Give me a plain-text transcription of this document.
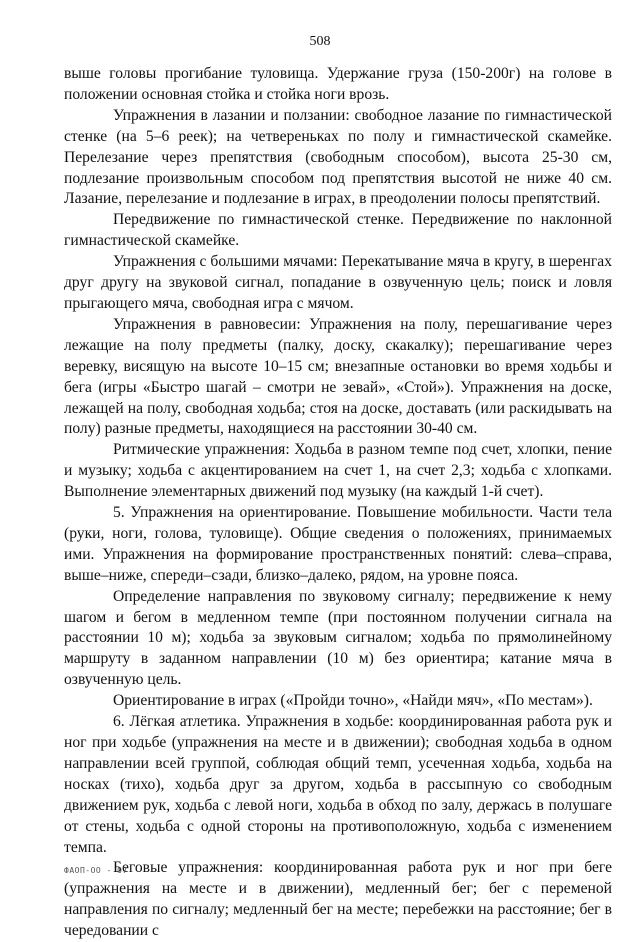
508

выше головы прогибание туловища. Удержание груза (150-200г) на голове в положении основная стойка и стойка ноги врозь.

Упражнения в лазании и ползании: свободное лазание по гимнастической стенке (на 5–6 реек); на четвереньках по полу и гимнастической скамейке. Перелезание через препятствия (свободным способом), высота 25-30 см, подлезание произвольным способом под препятствия высотой не ниже 40 см. Лазание, перелезание и подлезание в играх, в преодолении полосы препятствий.

Передвижение по гимнастической стенке. Передвижение по наклонной гимнастической скамейке.

Упражнения с большими мячами: Перекатывание мяча в кругу, в шеренгах друг другу на звуковой сигнал, попадание в озвученную цель; поиск и ловля прыгающего мяча, свободная игра с мячом.

Упражнения в равновесии: Упражнения на полу, перешагивание через лежащие на полу предметы (палку, доску, скакалку); перешагивание через веревку, висящую на высоте 10–15 см; внезапные остановки во время ходьбы и бега (игры «Быстро шагай – смотри не зевай», «Стой»). Упражнения на доске, лежащей на полу, свободная ходьба; стоя на доске, доставать (или раскидывать на полу) разные предметы, находящиеся на расстоянии 30-40 см.

Ритмические упражнения: Ходьба в разном темпе под счет, хлопки, пение и музыку; ходьба с акцентированием на счет 1, на счет 2,3; ходьба с хлопками. Выполнение элементарных движений под музыку (на каждый 1-й счет).

5. Упражнения на ориентирование. Повышение мобильности. Части тела (руки, ноги, голова, туловище). Общие сведения о положениях, принимаемых ими. Упражнения на формирование пространственных понятий: слева–справа, выше–ниже, спереди–сзади, близко–далеко, рядом, на уровне пояса.

Определение направления по звуковому сигналу; передвижение к нему шагом и бегом в медленном темпе (при постоянном получении сигнала на расстоянии 10 м); ходьба за звуковым сигналом; ходьба по прямолинейному маршруту в заданном направлении (10 м) без ориентира; катание мяча в озвученную цель.

Ориентирование в играх («Пройди точно», «Найди мяч», «По местам»).

6. Лёгкая атлетика. Упражнения в ходьбе: координированная работа рук и ног при ходьбе (упражнения на месте и в движении); свободная ходьба в одном направлении всей группой, соблюдая общий темп, усеченная ходьба, ходьба на носках (тихо), ходьба друг за другом, ходьба в рассыпную со свободным движением рук, ходьба с левой ноги, ходьба в обход по залу, держась в полушаге от стены, ходьба с одной стороны на противоположную, ходьба с изменением темпа.

Беговые упражнения: координированная работа рук и ног при беге (упражнения на месте и в движении), медленный бег; бег с переменой направления по сигналу; медленный бег на месте; перебежки на расстояние; бег в чередовании с

ФАОП-ОО - 07
